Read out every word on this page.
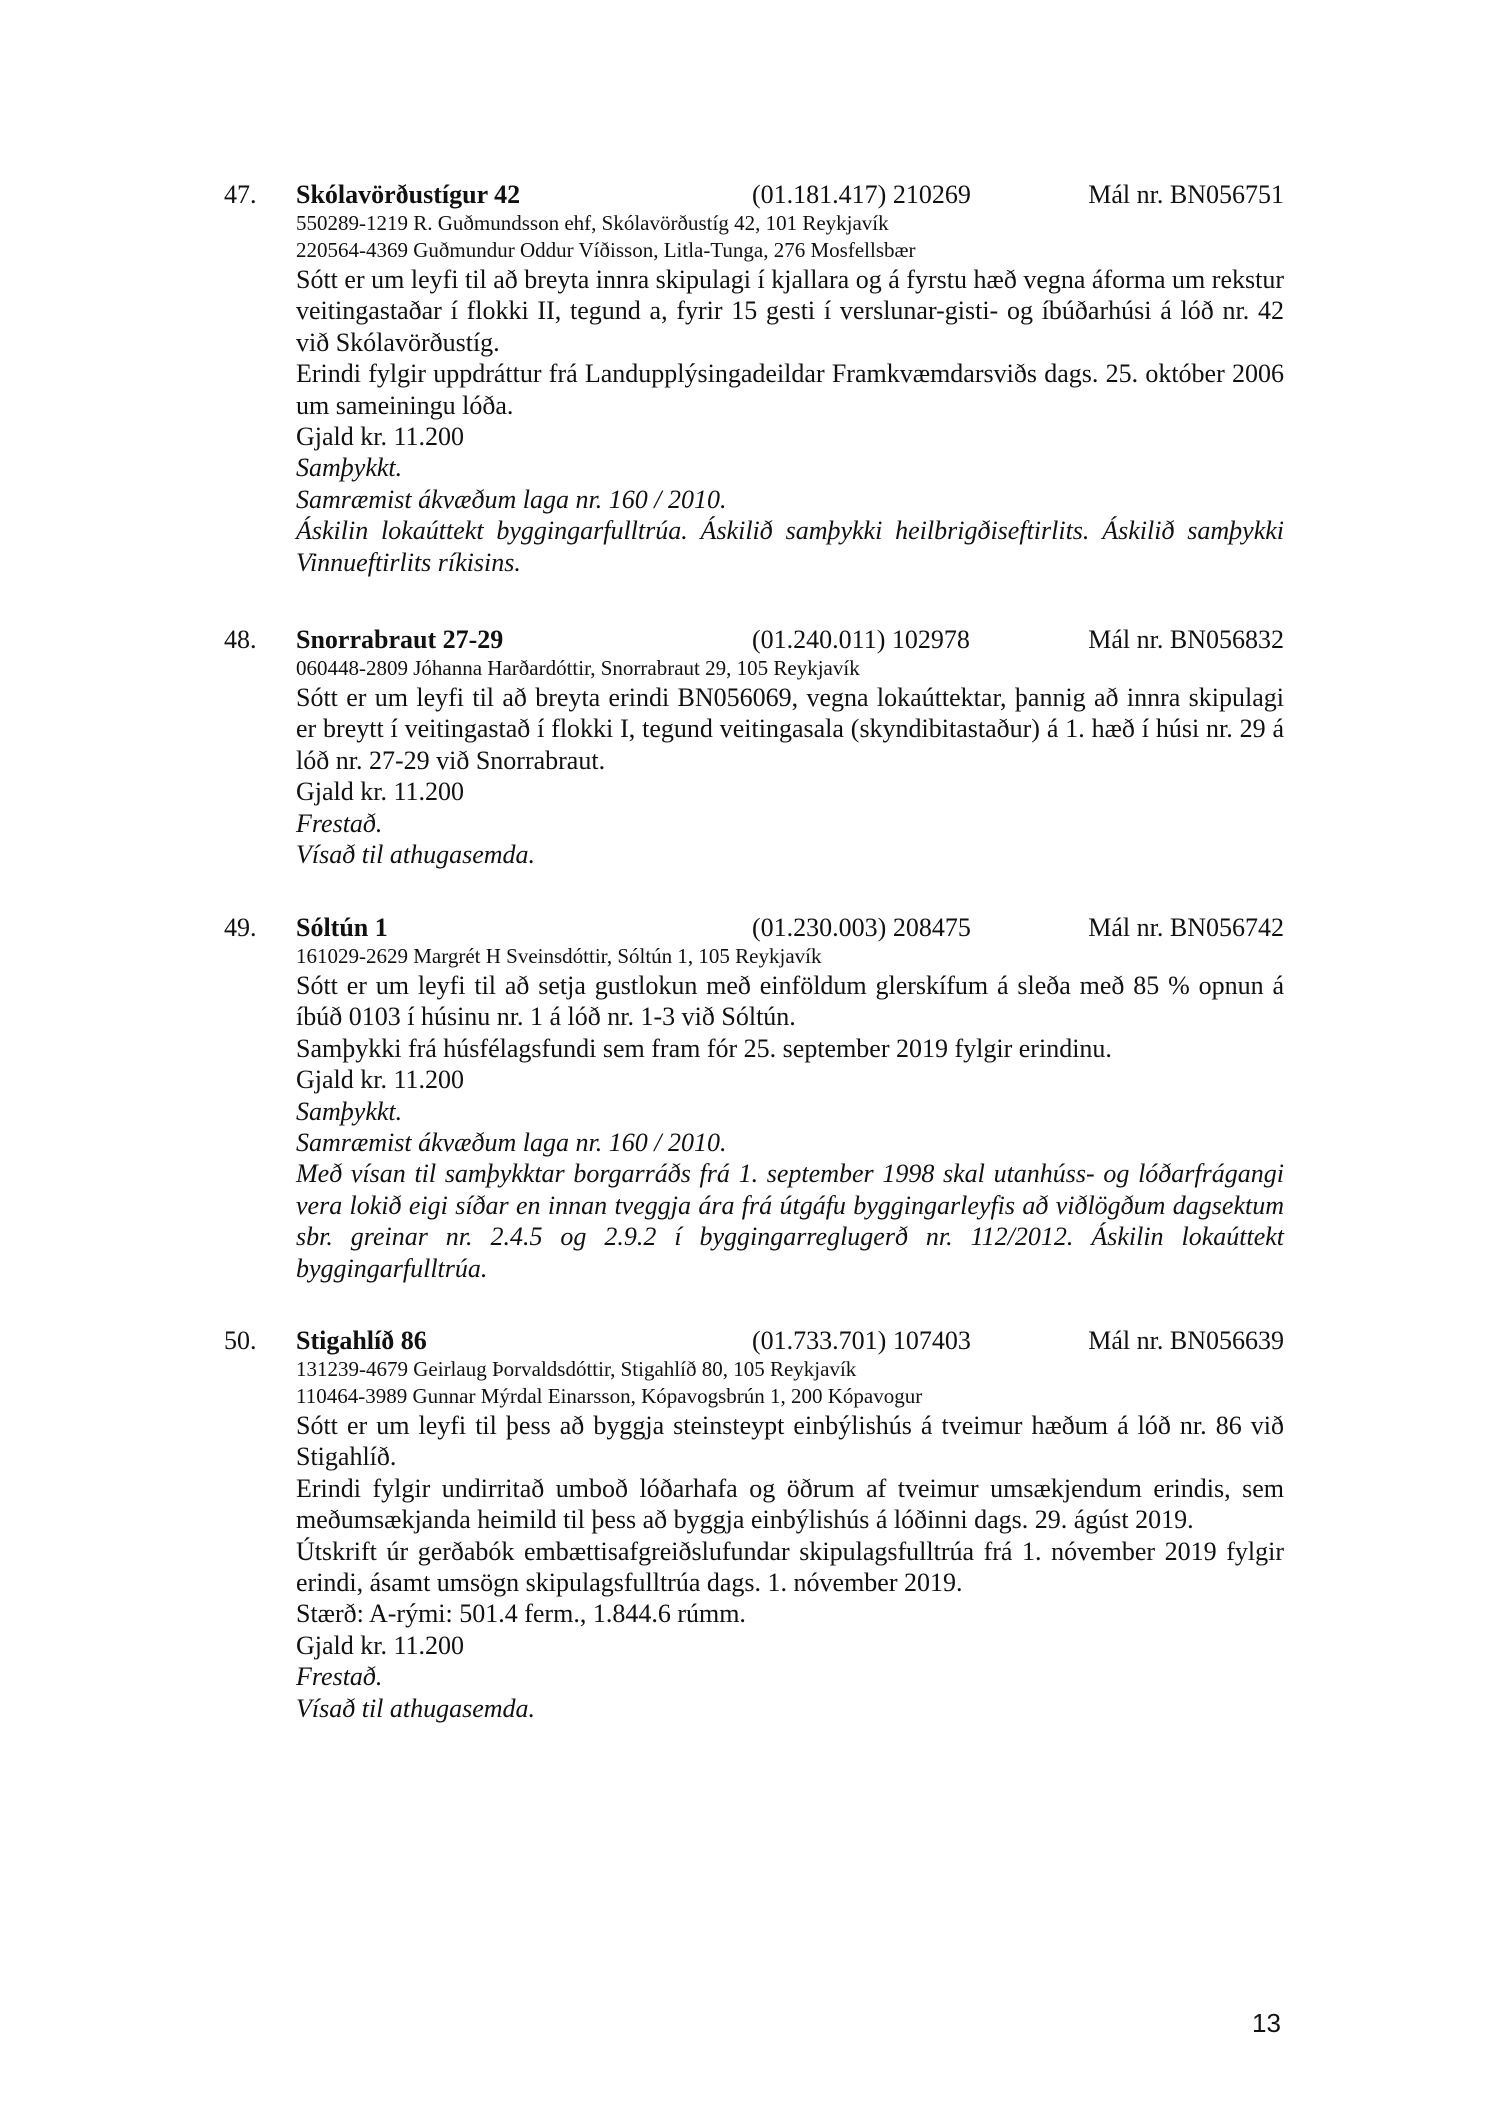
47. Skólavörðustígur 42	(01.181.417) 210269	Mál nr. BN056751
550289-1219 R. Guðmundsson ehf, Skólavörðustíg 42, 101 Reykjavík
220564-4369 Guðmundur Oddur Víðisson, Litla-Tunga, 276 Mosfellsbær
Sótt er um leyfi til að breyta innra skipulagi í kjallara og á fyrstu hæð vegna áforma um rekstur veitingastaðar í flokki II, tegund a, fyrir 15 gesti í verslunar-gisti- og íbúðarhúsi á lóð nr. 42 við Skólavörðustíg.
Erindi fylgir uppdráttur frá Landupplýsingadeildar Framkvæmdarsviðs dags. 25. október 2006 um sameiningu lóða.
Gjald kr. 11.200
Samþykkt.
Samræmist ákvæðum laga nr. 160 / 2010.
Áskilin lokaúttekt byggingarfulltrúa. Áskilið samþykki heilbrigðiseftirlits. Áskilið samþykki Vinnueftirlits ríkisins.
48. Snorrabraut 27-29	(01.240.011) 102978	Mál nr. BN056832
060448-2809 Jóhanna Harðardóttir, Snorrabraut 29, 105 Reykjavík
Sótt er um leyfi til að breyta erindi BN056069, vegna lokaúttektar, þannig að innra skipulagi er breytt í veitingastað í flokki I, tegund veitingasala (skyndibitastaður) á 1. hæð í húsi nr. 29 á lóð nr. 27-29 við Snorrabraut.
Gjald kr. 11.200
Frestað.
Vísað til athugasemda.
49. Sóltún 1	(01.230.003) 208475	Mál nr. BN056742
161029-2629 Margrét H Sveinsdóttir, Sóltún 1, 105 Reykjavík
Sótt er um leyfi til að setja gustlokun með einföldum glerskífum á sleða með 85 % opnun á íbúð 0103 í húsinu nr. 1 á lóð nr. 1-3 við Sóltún.
Samþykki frá húsfélagsfundi sem fram fór 25. september 2019 fylgir erindinu.
Gjald kr. 11.200
Samþykkt.
Samræmist ákvæðum laga nr. 160 / 2010.
Með vísan til samþykktar borgarráðs frá 1. september 1998 skal utanhúss- og lóðarfrágangi vera lokið eigi síðar en innan tveggja ára frá útgáfu byggingarleyfis að viðlögðum dagsektum sbr. greinar nr. 2.4.5 og 2.9.2 í byggingarreglugerð nr. 112/2012. Áskilin lokaúttekt byggingarfulltrúa.
50. Stigahlíð 86	(01.733.701) 107403	Mál nr. BN056639
131239-4679 Geirlaug Þorvaldsdóttir, Stigahlíð 80, 105 Reykjavík
110464-3989 Gunnar Mýrdal Einarsson, Kópavogsbrún 1, 200 Kópavogur
Sótt er um leyfi til þess að byggja steinsteypt einbýlishús á tveimur hæðum á lóð nr. 86 við Stigahlíð.
Erindi fylgir undirritað umboð lóðarhafa og öðrum af tveimur umsækjendum erindis, sem meðumsækjanda heimild til þess að byggja einbýlishús á lóðinni dags. 29. ágúst 2019.
Útskrift úr gerðabók embættisafgreiðslufundar skipulagsfulltrúa frá 1. nóvember 2019 fylgir erindi, ásamt umsögn skipulagsfulltrúa dags. 1. nóvember 2019.
Stærð: A-rými: 501.4 ferm., 1.844.6 rúmm.
Gjald kr. 11.200
Frestað.
Vísað til athugasemda.
13
